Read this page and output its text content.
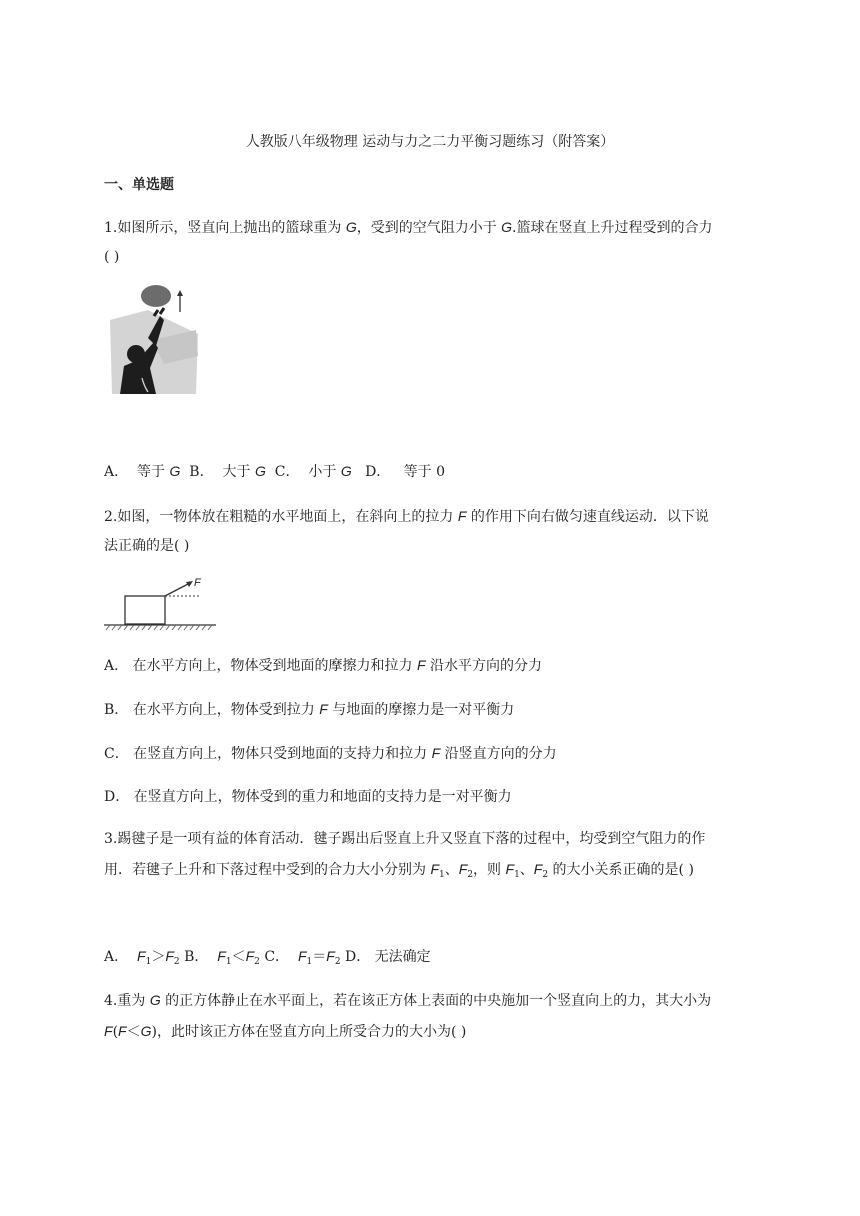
人教版八年级物理 运动与力之二力平衡习题练习（附答案）
一、单选题
1.如图所示，竖直向上抛出的篮球重为 G，受到的空气阻力小于 G.篮球在竖直上升过程受到的合力
( )
A． 等于 G B． 大于 G C． 小于 G D． 等于 0
2.如图，一物体放在粗糙的水平地面上，在斜向上的拉力 F 的作用下向右做匀速直线运动．以下说
法正确的是( )
F
A． 在水平方向上，物体受到地面的摩擦力和拉力 F 沿水平方向的分力
B． 在水平方向上，物体受到拉力 F 与地面的摩擦力是一对平衡力
C． 在竖直方向上，物体只受到地面的支持力和拉力 F 沿竖直方向的分力
D． 在竖直方向上，物体受到的重力和地面的支持力是一对平衡力
3.踢毽子是一项有益的体育活动．毽子踢出后竖直上升又竖直下落的过程中，均受到空气阻力的作
用．若毽子上升和下落过程中受到的合力大小分别为 $F_1$、$F_2$，则 $F_1$、$F_2$ 的大小关系正确的是( )
A． $F_1>F_2$ B． $F_1<F_2$ C． $F_1=F_2$ D． 无法确定
4.重为 G 的正方体静止在水平面上，若在该正方体上表面的中央施加一个竖直向上的力，其大小为
F(F＜G)，此时该正方体在竖直方向上所受合力的大小为( )
